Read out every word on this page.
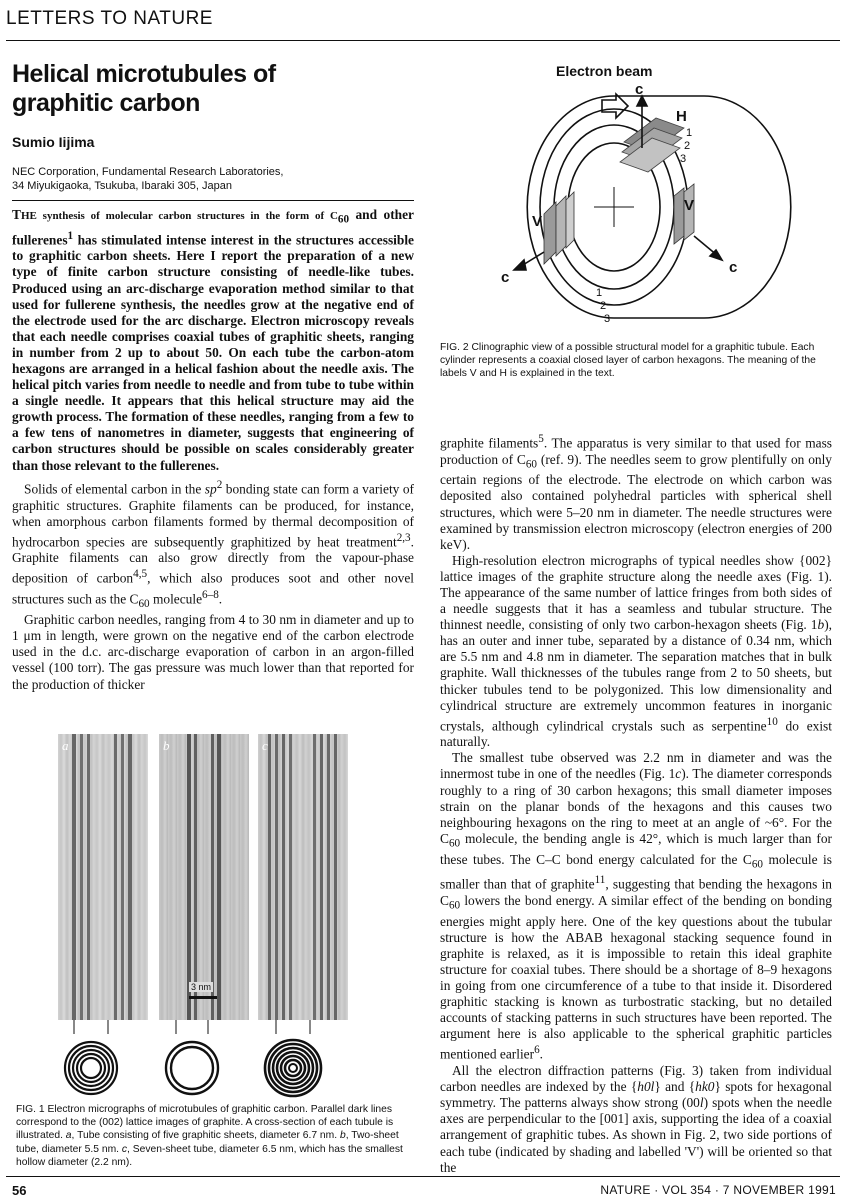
LETTERS TO NATURE
Helical microtubules of
graphitic carbon
Sumio Iijima
NEC Corporation, Fundamental Research Laboratories,
34 Miyukigaoka, Tsukuba, Ibaraki 305, Japan

THE synthesis of molecular carbon structures in the form of $C_{60}$ and other fullerenes$^1$ has stimulated intense interest in the structures accessible to graphitic carbon sheets. Here I report the preparation of a new type of finite carbon structure consisting of needle-like tubes. Produced using an arc-discharge evaporation method similar to that used for fullerene synthesis, the needles grow at the negative end of the electrode used for the arc discharge. Electron microscopy reveals that each needle comprises coaxial tubes of graphitic sheets, ranging in number from 2 up to about 50. On each tube the carbon-atom hexagons are arranged in a helical fashion about the needle axis. The helical pitch varies from needle to needle and from tube to tube within a single needle. It appears that this helical structure may aid the growth process. The formation of these needles, ranging from a few to a few tens of nanometres in diameter, suggests that engineering of carbon structures should be possible on scales considerably greater than those relevant to the fullerenes.

Solids of elemental carbon in the $sp^2$ bonding state can form a variety of graphitic structures. Graphite filaments can be produced, for instance, when amorphous carbon filaments formed by thermal decomposition of hydrocarbon species are subsequently graphitized by heat treatment$^{2,3}$. Graphite filaments can also grow directly from the vapour-phase deposition of carbon$^{4,5}$, which also produces soot and other novel structures such as the $C_{60}$ molecule$^{6-8}$.

Graphitic carbon needles, ranging from 4 to 30 nm in diameter and up to 1 μm in length, were grown on the negative end of the carbon electrode used in the d.c. arc-discharge evaporation of carbon in an argon-filled vessel (100 torr). The gas pressure was much lower than that reported for the production of thicker

Electron beam
c
c
c
H
1
2
3
V
V
1
2
3
FIG. 2 Clinographic view of a possible structural model for a graphitic tubule. Each cylinder represents a coaxial closed layer of carbon hexagons. The meaning of the labels V and H is explained in the text.

graphite filaments$^5$. The apparatus is very similar to that used for mass production of $C_{60}$ (ref. 9). The needles seem to grow plentifully on only certain regions of the electrode. The electrode on which carbon was deposited also contained polyhedral particles with spherical shell structures, which were 5–20 nm in diameter. The needle structures were examined by transmission electron microscopy (electron energies of 200 keV).

High-resolution electron micrographs of typical needles show {002} lattice images of the graphite structure along the needle axes (Fig. 1). The appearance of the same number of lattice fringes from both sides of a needle suggests that it has a seamless and tubular structure. The thinnest needle, consisting of only two carbon-hexagon sheets (Fig. 1b), has an outer and inner tube, separated by a distance of 0.34 nm, which are 5.5 nm and 4.8 nm in diameter. The separation matches that in bulk graphite. Wall thicknesses of the tubules range from 2 to 50 sheets, but thicker tubules tend to be polygonized. This low dimensionality and cylindrical structure are extremely uncommon features in inorganic crystals, although cylindrical crystals such as serpentine$^{10}$ do exist naturally.

The smallest tube observed was 2.2 nm in diameter and was the innermost tube in one of the needles (Fig. 1c). The diameter corresponds roughly to a ring of 30 carbon hexagons; this small diameter imposes strain on the planar bonds of the hexagons and this causes two neighbouring hexagons on the ring to meet at an angle of ~6°. For the $C_{60}$ molecule, the bending angle is 42°, which is much larger than for these tubes. The C–C bond energy calculated for the $C_{60}$ molecule is smaller than that of graphite$^{11}$, suggesting that bending the hexagons in $C_{60}$ lowers the bond energy. A similar effect of the bending on bonding energies might apply here. One of the key questions about the tubular structure is how the ABAB hexagonal stacking sequence found in graphite is relaxed, as it is impossible to retain this ideal graphite structure for coaxial tubes. There should be a shortage of 8–9 hexagons in going from one circumference of a tube to that inside it. Disordered graphitic stacking is known as turbostratic stacking, but no detailed accounts of stacking patterns in such structures have been reported. The argument here is also applicable to the spherical graphitic particles mentioned earlier$^6$.

All the electron diffraction patterns (Fig. 3) taken from individual carbon needles are indexed by the {h0l} and {hk0} spots for hexagonal symmetry. The patterns always show strong (00l) spots when the needle axes are perpendicular to the [001] axis, supporting the idea of a coaxial arrangement of graphitic tubes. As shown in Fig. 2, two side portions of each tube (indicated by shading and labelled 'V') will be oriented so that the

a	b
3 nm
c
FIG. 1 Electron micrographs of microtubules of graphitic carbon. Parallel dark lines correspond to the (002) lattice images of graphite. A cross-section of each tubule is illustrated. a, Tube consisting of five graphitic sheets, diameter 6.7 nm. b, Two-sheet tube, diameter 5.5 nm. c, Seven-sheet tube, diameter 6.5 nm, which has the smallest hollow diameter (2.2 nm).
56	NATURE · VOL 354 · 7 NOVEMBER 1991
